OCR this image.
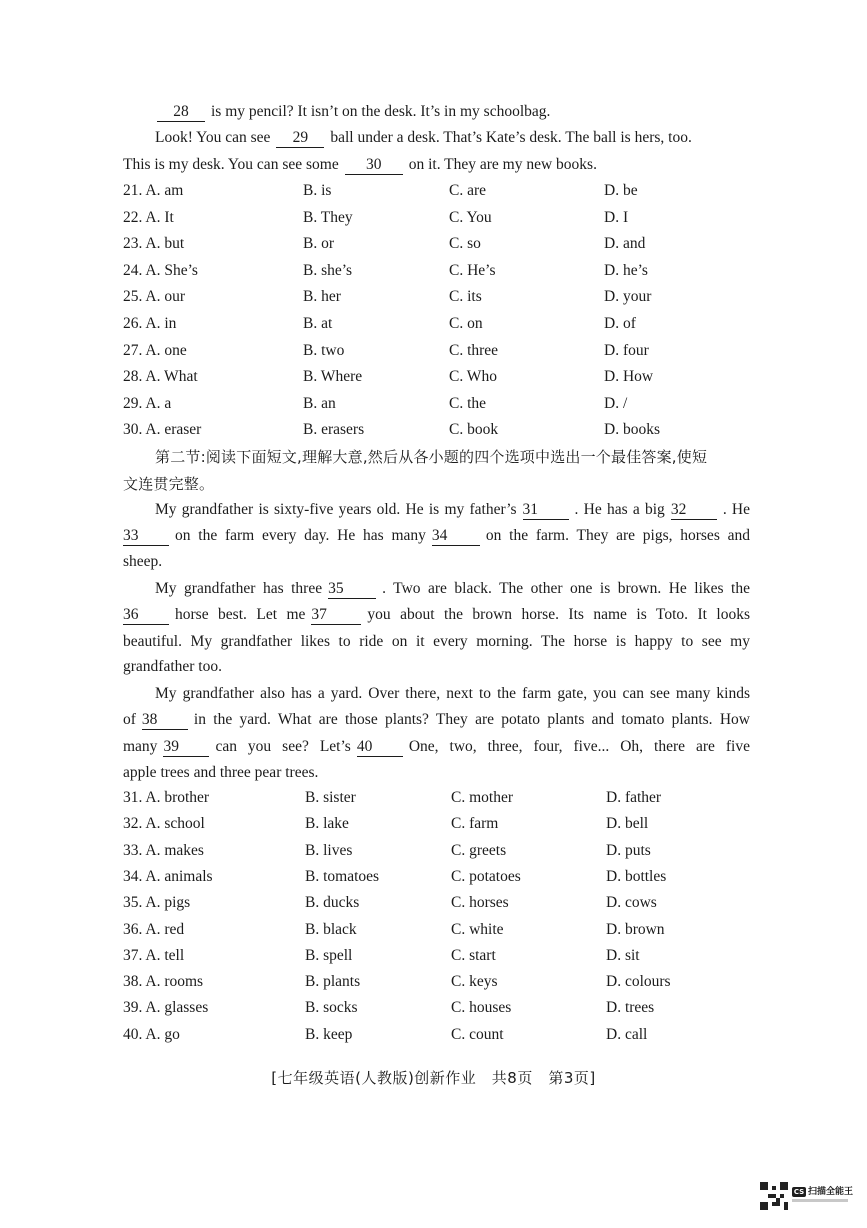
28 is my pencil? It isn’t on the desk. It’s in my schoolbag.
Look! You can see 29 ball under a desk. That’s Kate’s desk. The ball is hers, too.
This is my desk. You can see some 30 on it. They are my new books.
21. A. am	B. is	C. are	D. be
22. A. It	B. They	C. You	D. I
23. A. but	B. or	C. so	D. and
24. A. She’s	B. she’s	C. He’s	D. he’s
25. A. our	B. her	C. its	D. your
26. A. in	B. at	C. on	D. of
27. A. one	B. two	C. three	D. four
28. A. What	B. Where	C. Who	D. How
29. A. a	B. an	C. the	D. /
30. A. eraser	B. erasers	C. book	D. books
第二节:阅读下面短文,理解大意,然后从各小题的四个选项中选出一个最佳答案,使短
文连贯完整。
My grandfather is sixty-five years old. He is my father’s 31 . He has a big 32 . He
33 on the farm every day. He has many 34 on the farm. They are pigs, horses and
sheep.
My grandfather has three 35 . Two are black. The other one is brown. He likes the
36 horse best. Let me 37	you about the brown horse. Its name is Toto. It looks
beautiful. My grandfather likes to ride on it every morning. The horse is happy to see my
grandfather too.
My grandfather also has a yard. Over there, next to the farm gate, you can see many kinds
of 38 in the yard. What are those plants? They are potato plants and tomato plants. How
many 39 can you see? Let’s 40 One, two, three, four, five... Oh, there are five
apple trees and three pear trees.
31. A. brother	B. sister	C. mother	D. father
32. A. school	B. lake	C. farm	D. bell
33. A. makes	B. lives	C. greets	D. puts
34. A. animals	B. tomatoes	C. potatoes	D. bottles
35. A. pigs	B. ducks	C. horses	D. cows
36. A. red	B. black	C. white	D. brown
37. A. tell	B. spell	C. start	D. sit
38. A. rooms	B. plants	C. keys	D. colours
39. A. glasses	B. socks	C. houses	D. trees
40. A. go	B. keep	C. count	D. call
[七年级英语(人教版)创新作业　共8页　第3页]
CS 扫描全能王
